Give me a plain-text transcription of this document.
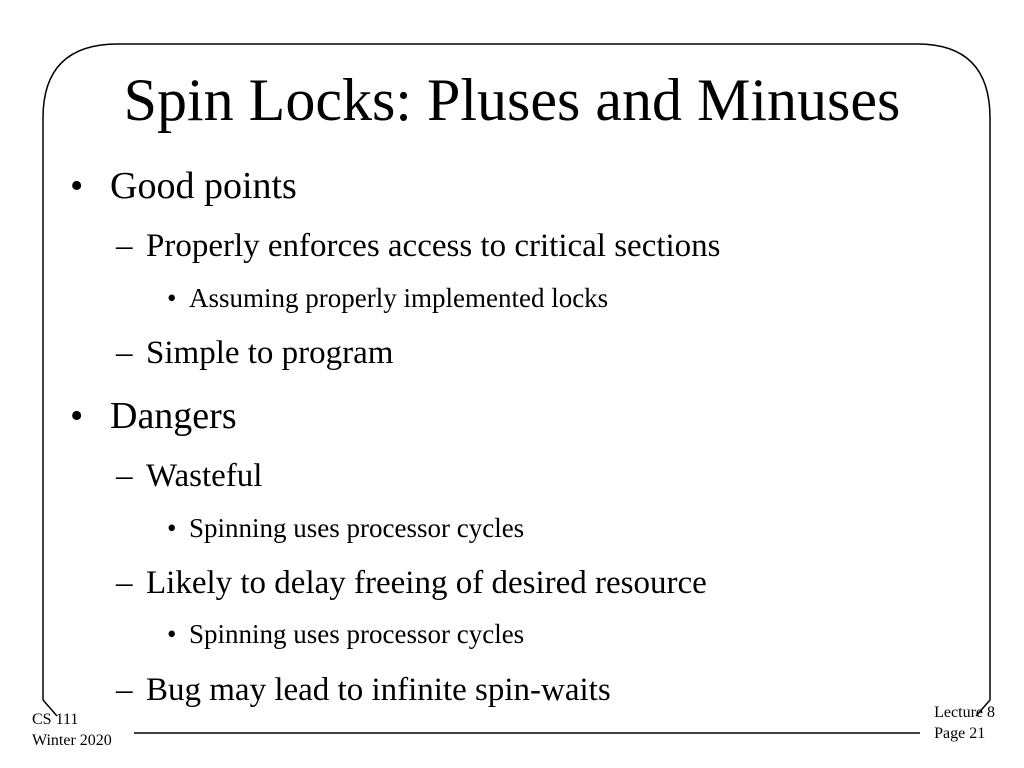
Spin Locks: Pluses and Minuses
• Good points
– Properly enforces access to critical sections
• Assuming properly implemented locks
– Simple to program
• Dangers
– Wasteful
• Spinning uses processor cycles
– Likely to delay freeing of desired resource
• Spinning uses processor cycles
– Bug may lead to infinite spin-waits
CS 111
Winter 2020
Lecture 8
Page 21
